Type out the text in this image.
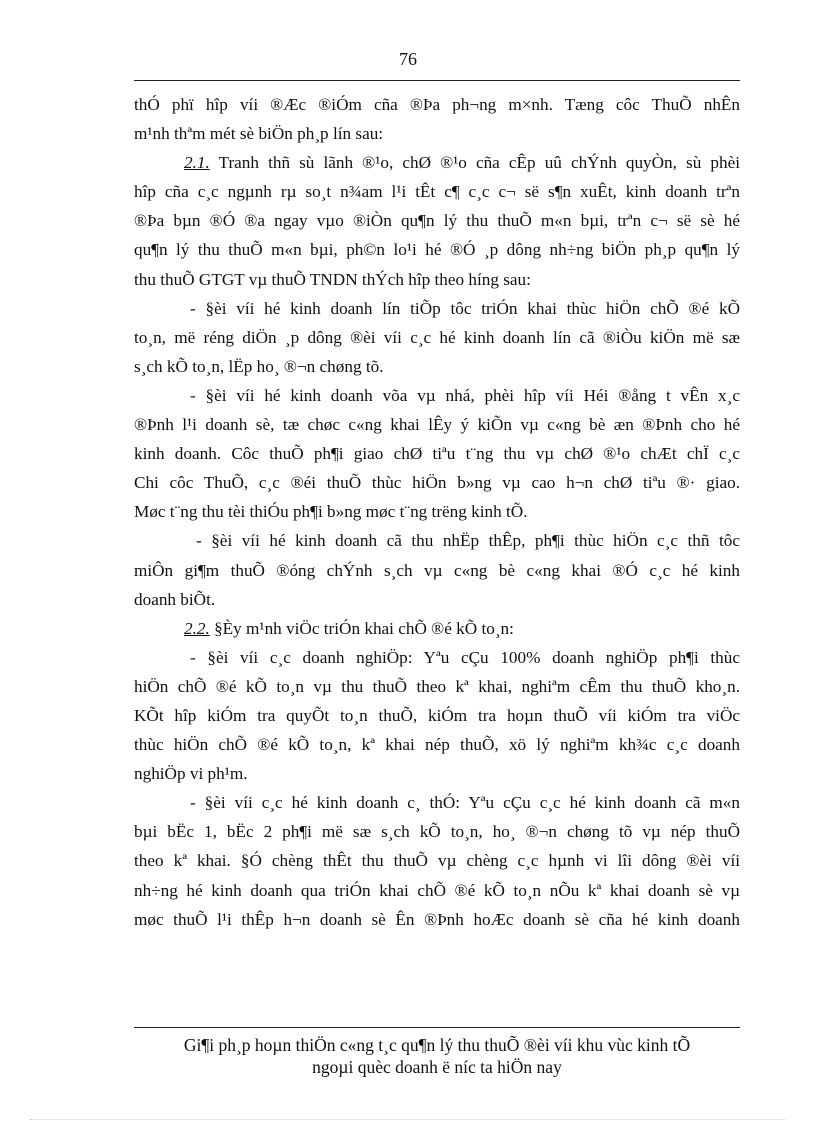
76
thÓ phï hîp víi ®Æc ®iÓm cña ®Þa ph¬ng m×nh. Tæng côc ThuÕ nhÊn
m¹nh thªm mét sè biÖn ph¸p lín sau:
2.1. Tranh thñ sù lãnh ®¹o, chØ ®¹o cña cÊp uû chÝnh quyÒn, sù phèi
hîp cña c¸c ngµnh rµ so¸t n¾am l¹i tÊt c¶ c¸c c¬ së s¶n xuÊt, kinh doanh trªn
®Þa bµn ®Ó ®a ngay vµo ®iÒn qu¶n lý thu thuÕ m«n bµi, trªn c¬ së sè hé
qu¶n lý thu thuÕ m«n bµi, ph©n lo¹i hé ®Ó ¸p dông nh÷ng biÖn ph¸p qu¶n lý
thu thuÕ GTGT vµ thuÕ TNDN thÝch hîp theo híng sau:
- §èi víi hé kinh doanh lín tiÕp tôc triÓn khai thùc hiÖn chÕ ®é kÕ
to¸n, më réng diÖn ¸p dông ®èi víi c¸c hé kinh doanh lín cã ®iÒu kiÖn më sæ
s¸ch kÕ to¸n, lËp ho¸ ®¬n chøng tõ.
- §èi víi hé kinh doanh võa vµ nhá, phèi hîp víi Héi ®ång t vÊn x¸c
®Þnh l¹i doanh sè, tæ chøc c«ng khai lÊy ý kiÕn vµ c«ng bè æn ®Þnh cho hé
kinh doanh. Côc thuÕ ph¶i giao chØ tiªu t¨ng thu vµ chØ ®¹o chÆt chÏ c¸c
Chi côc ThuÕ, c¸c ®éi thuÕ thùc hiÖn b»ng vµ cao h¬n chØ tiªu ®· giao.
Møc t¨ng thu tèi thiÓu ph¶i b»ng møc t¨ng trëng kinh tÕ.
- §èi víi hé kinh doanh cã thu nhËp thÊp, ph¶i thùc hiÖn c¸c thñ tôc
miÔn gi¶m thuÕ ®óng chÝnh s¸ch vµ c«ng bè c«ng khai ®Ó c¸c hé kinh
doanh biÕt.
2.2. §Èy m¹nh viÖc triÓn khai chÕ ®é kÕ to¸n:
- §èi víi c¸c doanh nghiÖp: Yªu cÇu 100% doanh nghiÖp ph¶i thùc
hiÖn chÕ ®é kÕ to¸n vµ thu thuÕ theo kª khai, nghiªm cÊm thu thuÕ kho¸n.
KÕt hîp kiÓm tra quyÕt to¸n thuÕ, kiÓm tra hoµn thuÕ víi kiÓm tra viÖc
thùc hiÖn chÕ ®é kÕ to¸n, kª khai nép thuÕ, xö lý nghiªm kh¾c c¸c doanh
nghiÖp vi ph¹m.
- §èi víi c¸c hé kinh doanh c¸ thÓ: Yªu cÇu c¸c hé kinh doanh cã m«n
bµi bËc 1, bËc 2 ph¶i më sæ s¸ch kÕ to¸n, ho¸ ®¬n chøng tõ vµ nép thuÕ
theo kª khai. §Ó chèng thÊt thu thuÕ vµ chèng c¸c hµnh vi lîi dông ®èi víi
nh÷ng hé kinh doanh qua triÓn khai chÕ ®é kÕ to¸n nÕu kª khai doanh sè vµ
møc thuÕ l¹i thÊp h¬n doanh sè Ên ®Þnh hoÆc doanh sè cña hé kinh doanh
Gi¶i ph¸p hoµn thiÖn c«ng t¸c qu¶n lý thu thuÕ ®èi víi khu vùc kinh tÕ
ngoµi quèc doanh ë níc ta hiÖn nay
